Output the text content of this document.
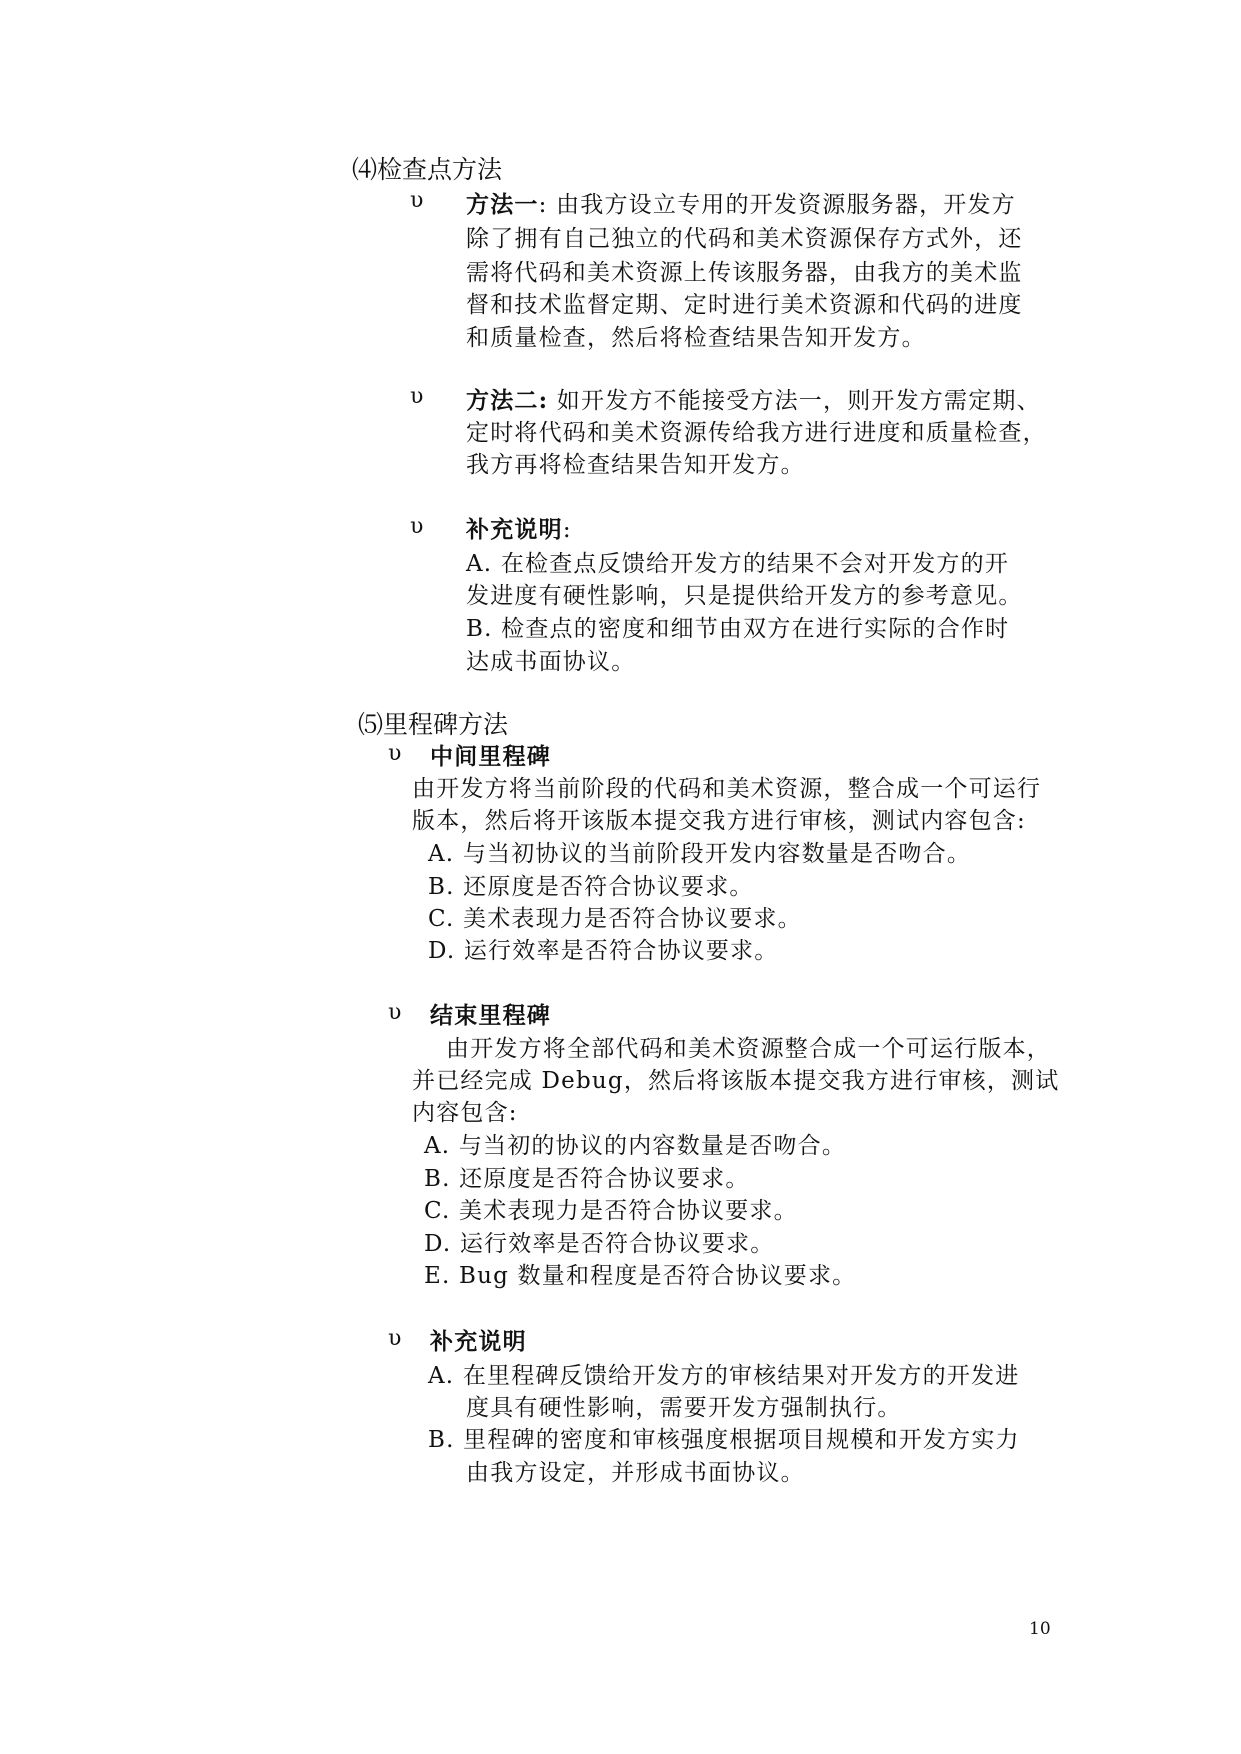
⑷检查点方法
υ 方法一: 由我方设立专用的开发资源服务器，开发方
除了拥有自己独立的代码和美术资源保存方式外，还
需将代码和美术资源上传该服务器，由我方的美术监
督和技术监督定期、定时进行美术资源和代码的进度
和质量检查，然后将检查结果告知开发方。
υ 方法二: 如开发方不能接受方法一，则开发方需定期、
定时将代码和美术资源传给我方进行进度和质量检查，
我方再将检查结果告知开发方。
υ 补充说明:
A. 在检查点反馈给开发方的结果不会对开发方的开
发进度有硬性影响，只是提供给开发方的参考意见。
B. 检查点的密度和细节由双方在进行实际的合作时
达成书面协议。
⑸里程碑方法
υ 中间里程碑
由开发方将当前阶段的代码和美术资源，整合成一个可运行
版本，然后将开该版本提交我方进行审核，测试内容包含:
A. 与当初协议的当前阶段开发内容数量是否吻合。
B. 还原度是否符合协议要求。
C. 美术表现力是否符合协议要求。
D. 运行效率是否符合协议要求。
υ 结束里程碑
由开发方将全部代码和美术资源整合成一个可运行版本，
并已经完成 Debug，然后将该版本提交我方进行审核，测试
内容包含:
A. 与当初的协议的内容数量是否吻合。
B. 还原度是否符合协议要求。
C. 美术表现力是否符合协议要求。
D. 运行效率是否符合协议要求。
E. Bug 数量和程度是否符合协议要求。
υ 补充说明
A. 在里程碑反馈给开发方的审核结果对开发方的开发进
度具有硬性影响，需要开发方强制执行。
B. 里程碑的密度和审核强度根据项目规模和开发方实力
由我方设定，并形成书面协议。
10
